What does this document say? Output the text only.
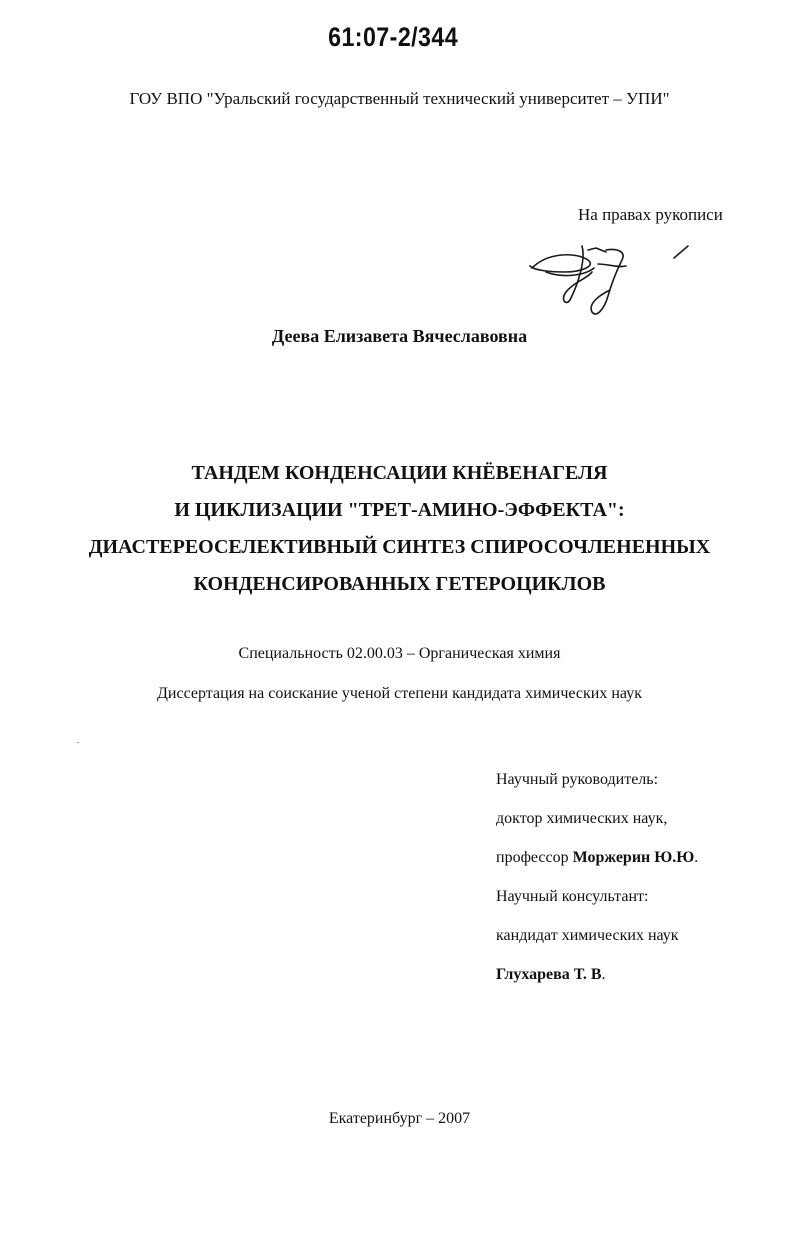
61:07-2/344
ГОУ ВПО "Уральский государственный технический университет – УПИ"
На правах рукописи
Деева Елизавета Вячеславовна
ТАНДЕМ КОНДЕНСАЦИИ КНЁВЕНАГЕЛЯ
И ЦИКЛИЗАЦИИ "ТРЕТ-АМИНО-ЭФФЕКТА":
ДИАСТЕРЕОСЕЛЕКТИВНЫЙ СИНТЕЗ СПИРОСОЧЛЕНЕННЫХ
КОНДЕНСИРОВАННЫХ ГЕТЕРОЦИКЛОВ
Специальность 02.00.03 – Органическая химия
Диссертация на соискание ученой степени кандидата химических наук
Научный руководитель:
доктор химических наук,
профессор Моржерин Ю.Ю.
Научный консультант:
кандидат химических наук
Глухарева Т. В.
Екатеринбург – 2007
